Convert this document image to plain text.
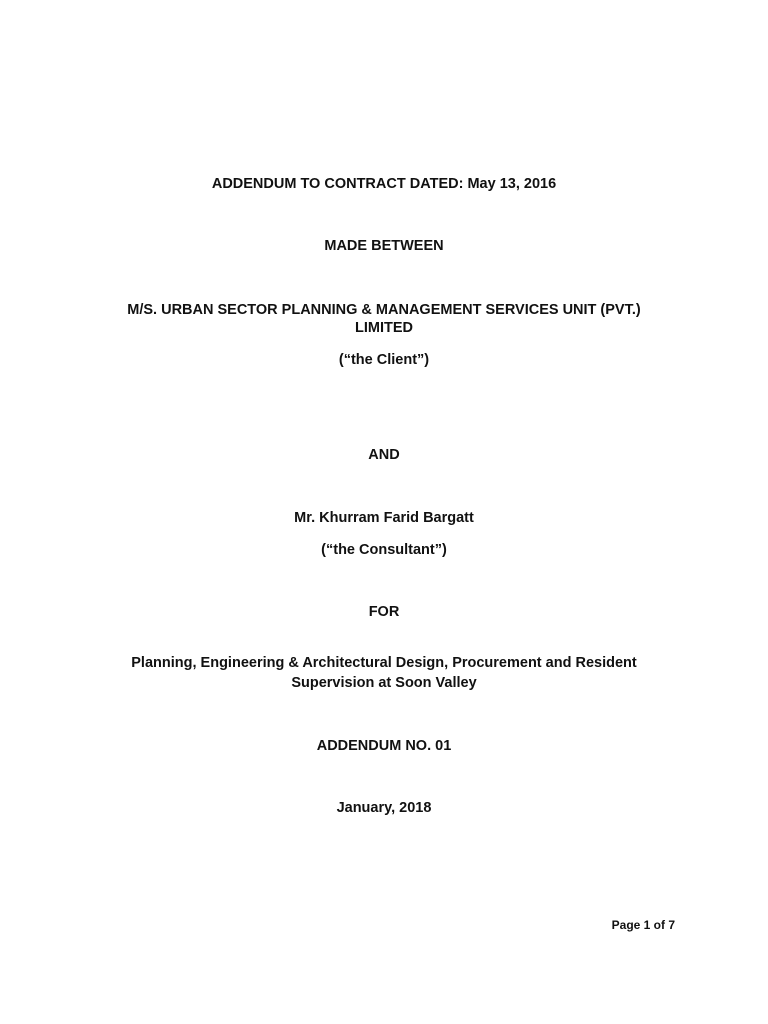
ADDENDUM TO CONTRACT DATED: May 13, 2016
MADE BETWEEN
M/S. URBAN SECTOR PLANNING & MANAGEMENT SERVICES UNIT (PVT.)
LIMITED
(“the Client”)
AND
Mr. Khurram Farid Bargatt
(“the Consultant”)
FOR
Planning, Engineering & Architectural Design, Procurement and Resident
Supervision at Soon Valley
ADDENDUM NO. 01
January, 2018
Page 1 of 7
